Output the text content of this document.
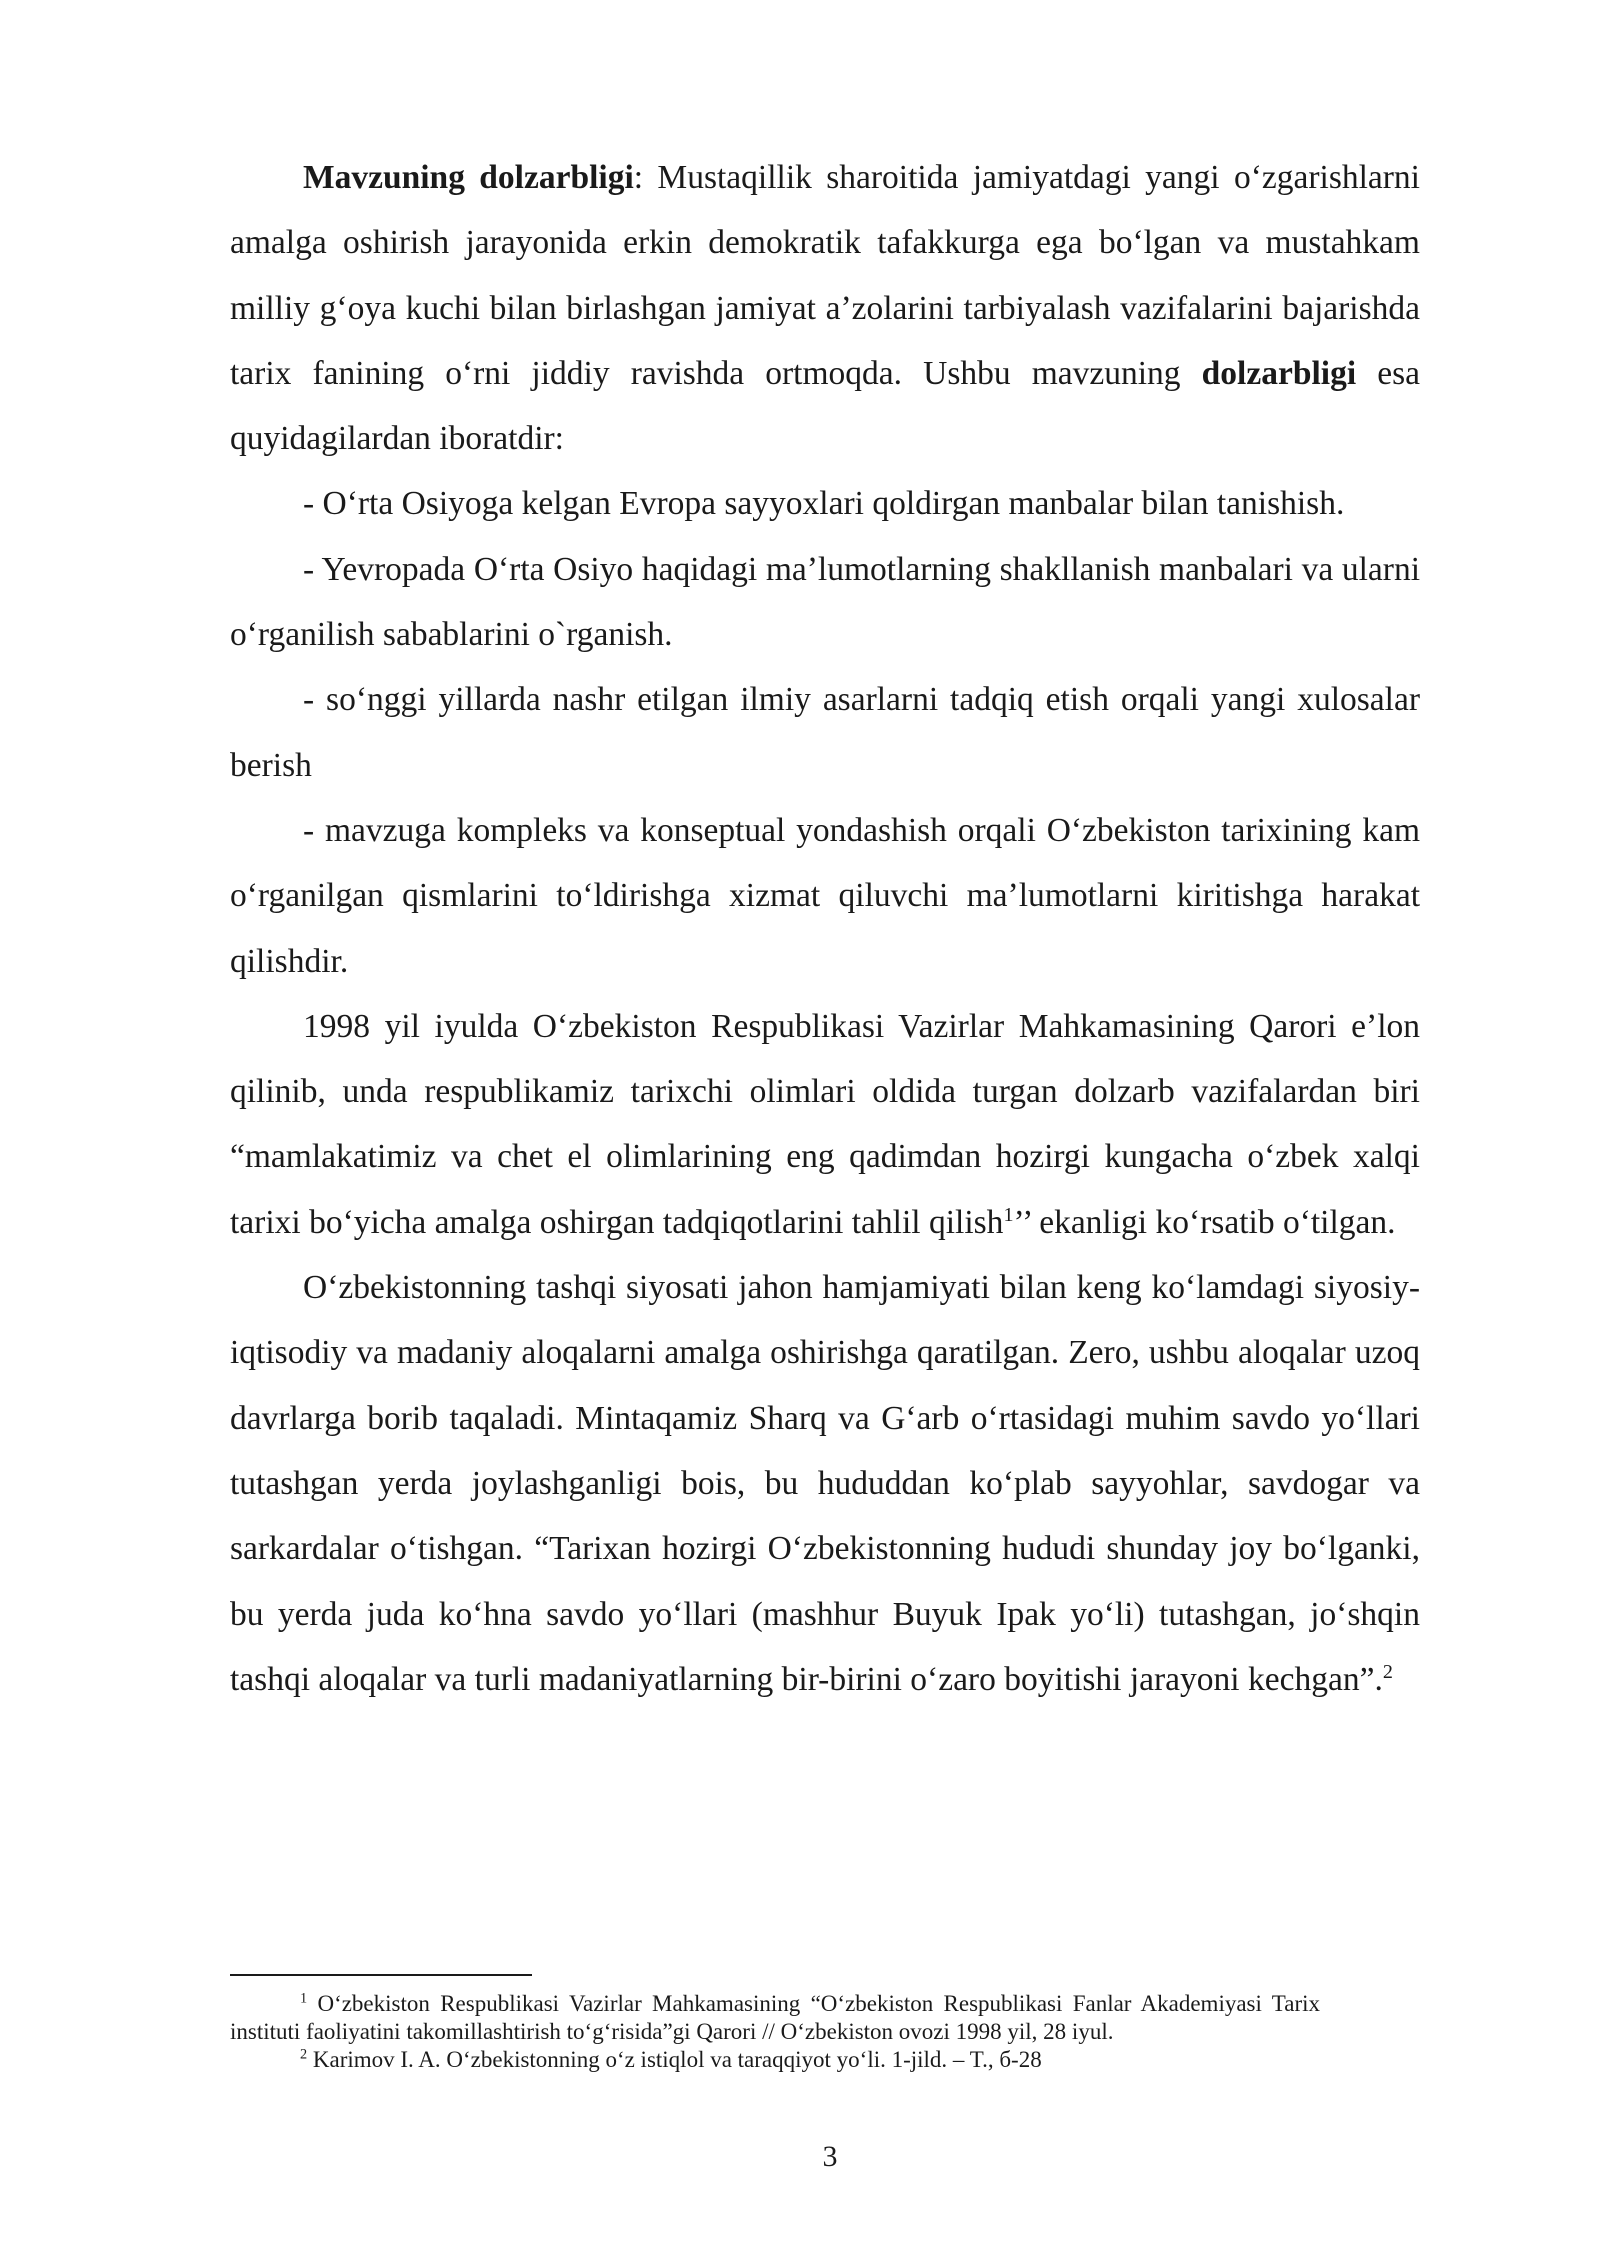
Mavzuning dolzarbligi: Mustaqillik sharoitida jamiyatdagi yangi oʻzgarishlarni amalga oshirish jarayonida erkin demokratik tafakkurga ega boʻlgan va mustahkam milliy gʻoya kuchi bilan birlashgan jamiyat aʼzolarini tarbiyalash vazifalarini bajarishda tarix fanining oʻrni jiddiy ravishda ortmoqda. Ushbu mavzuning dolzarbligi esa quyidagilardan iboratdir:

- Oʻrta Osiyoga kelgan Evropa sayyoxlari qoldirgan manbalar bilan tanishish.

- Yevropada Oʻrta Osiyo haqidagi maʼlumotlarning shakllanish manbalari va ularni oʻrganilish sabablarini o`rganish.

- soʻnggi yillarda nashr etilgan ilmiy asarlarni tadqiq etish orqali yangi xulosalar berish

- mavzuga kompleks va konseptual yondashish orqali Oʻzbekiston tarixining kam oʻrganilgan qismlarini toʻldirishga xizmat qiluvchi maʼlumotlarni kiritishga harakat qilishdir.

1998 yil iyulda Oʻzbekiston Respublikasi Vazirlar Mahkamasining Qarori eʼlon qilinib, unda respublikamiz tarixchi olimlari oldida turgan dolzarb vazifalardan biri “mamlakatimiz va chet el olimlarining eng qadimdan hozirgi kungacha oʻzbek xalqi tarixi boʻyicha amalga oshirgan tadqiqotlarini tahlil qilish$^1$’’ ekanligi koʻrsatib oʻtilgan.

Oʻzbekistonning tashqi siyosati jahon hamjamiyati bilan keng koʻlamdagi siyosiy-iqtisodiy va madaniy aloqalarni amalga oshirishga qaratilgan. Zero, ushbu aloqalar uzoq davrlarga borib taqaladi. Mintaqamiz Sharq va Gʻarb oʻrtasidagi muhim savdo yoʻllari tutashgan yerda joylashganligi bois, bu hududdan koʻplab sayyohlar, savdogar va sarkardalar oʻtishgan. “Tarixan hozirgi Oʻzbekistonning hududi shunday joy boʻlganki, bu yerda juda koʻhna savdo yoʻllari (mashhur Buyuk Ipak yoʻli) tutashgan, joʻshqin tashqi aloqalar va turli madaniyatlarning bir-birini oʻzaro boyitishi jarayoni kechgan”.$^2$

$^1$ Oʻzbekiston Respublikasi Vazirlar Mahkamasining “Oʻzbekiston Respublikasi Fanlar Akademiyasi Tarix instituti faoliyatini takomillashtirish toʻgʻrisida”gi Qarori // Oʻzbekiston ovozi 1998 yil, 28 iyul.

$^2$ Karimov I. A. Oʻzbekistonning oʻz istiqlol va taraqqiyot yoʻli. 1-jild. – T., б-28

3
